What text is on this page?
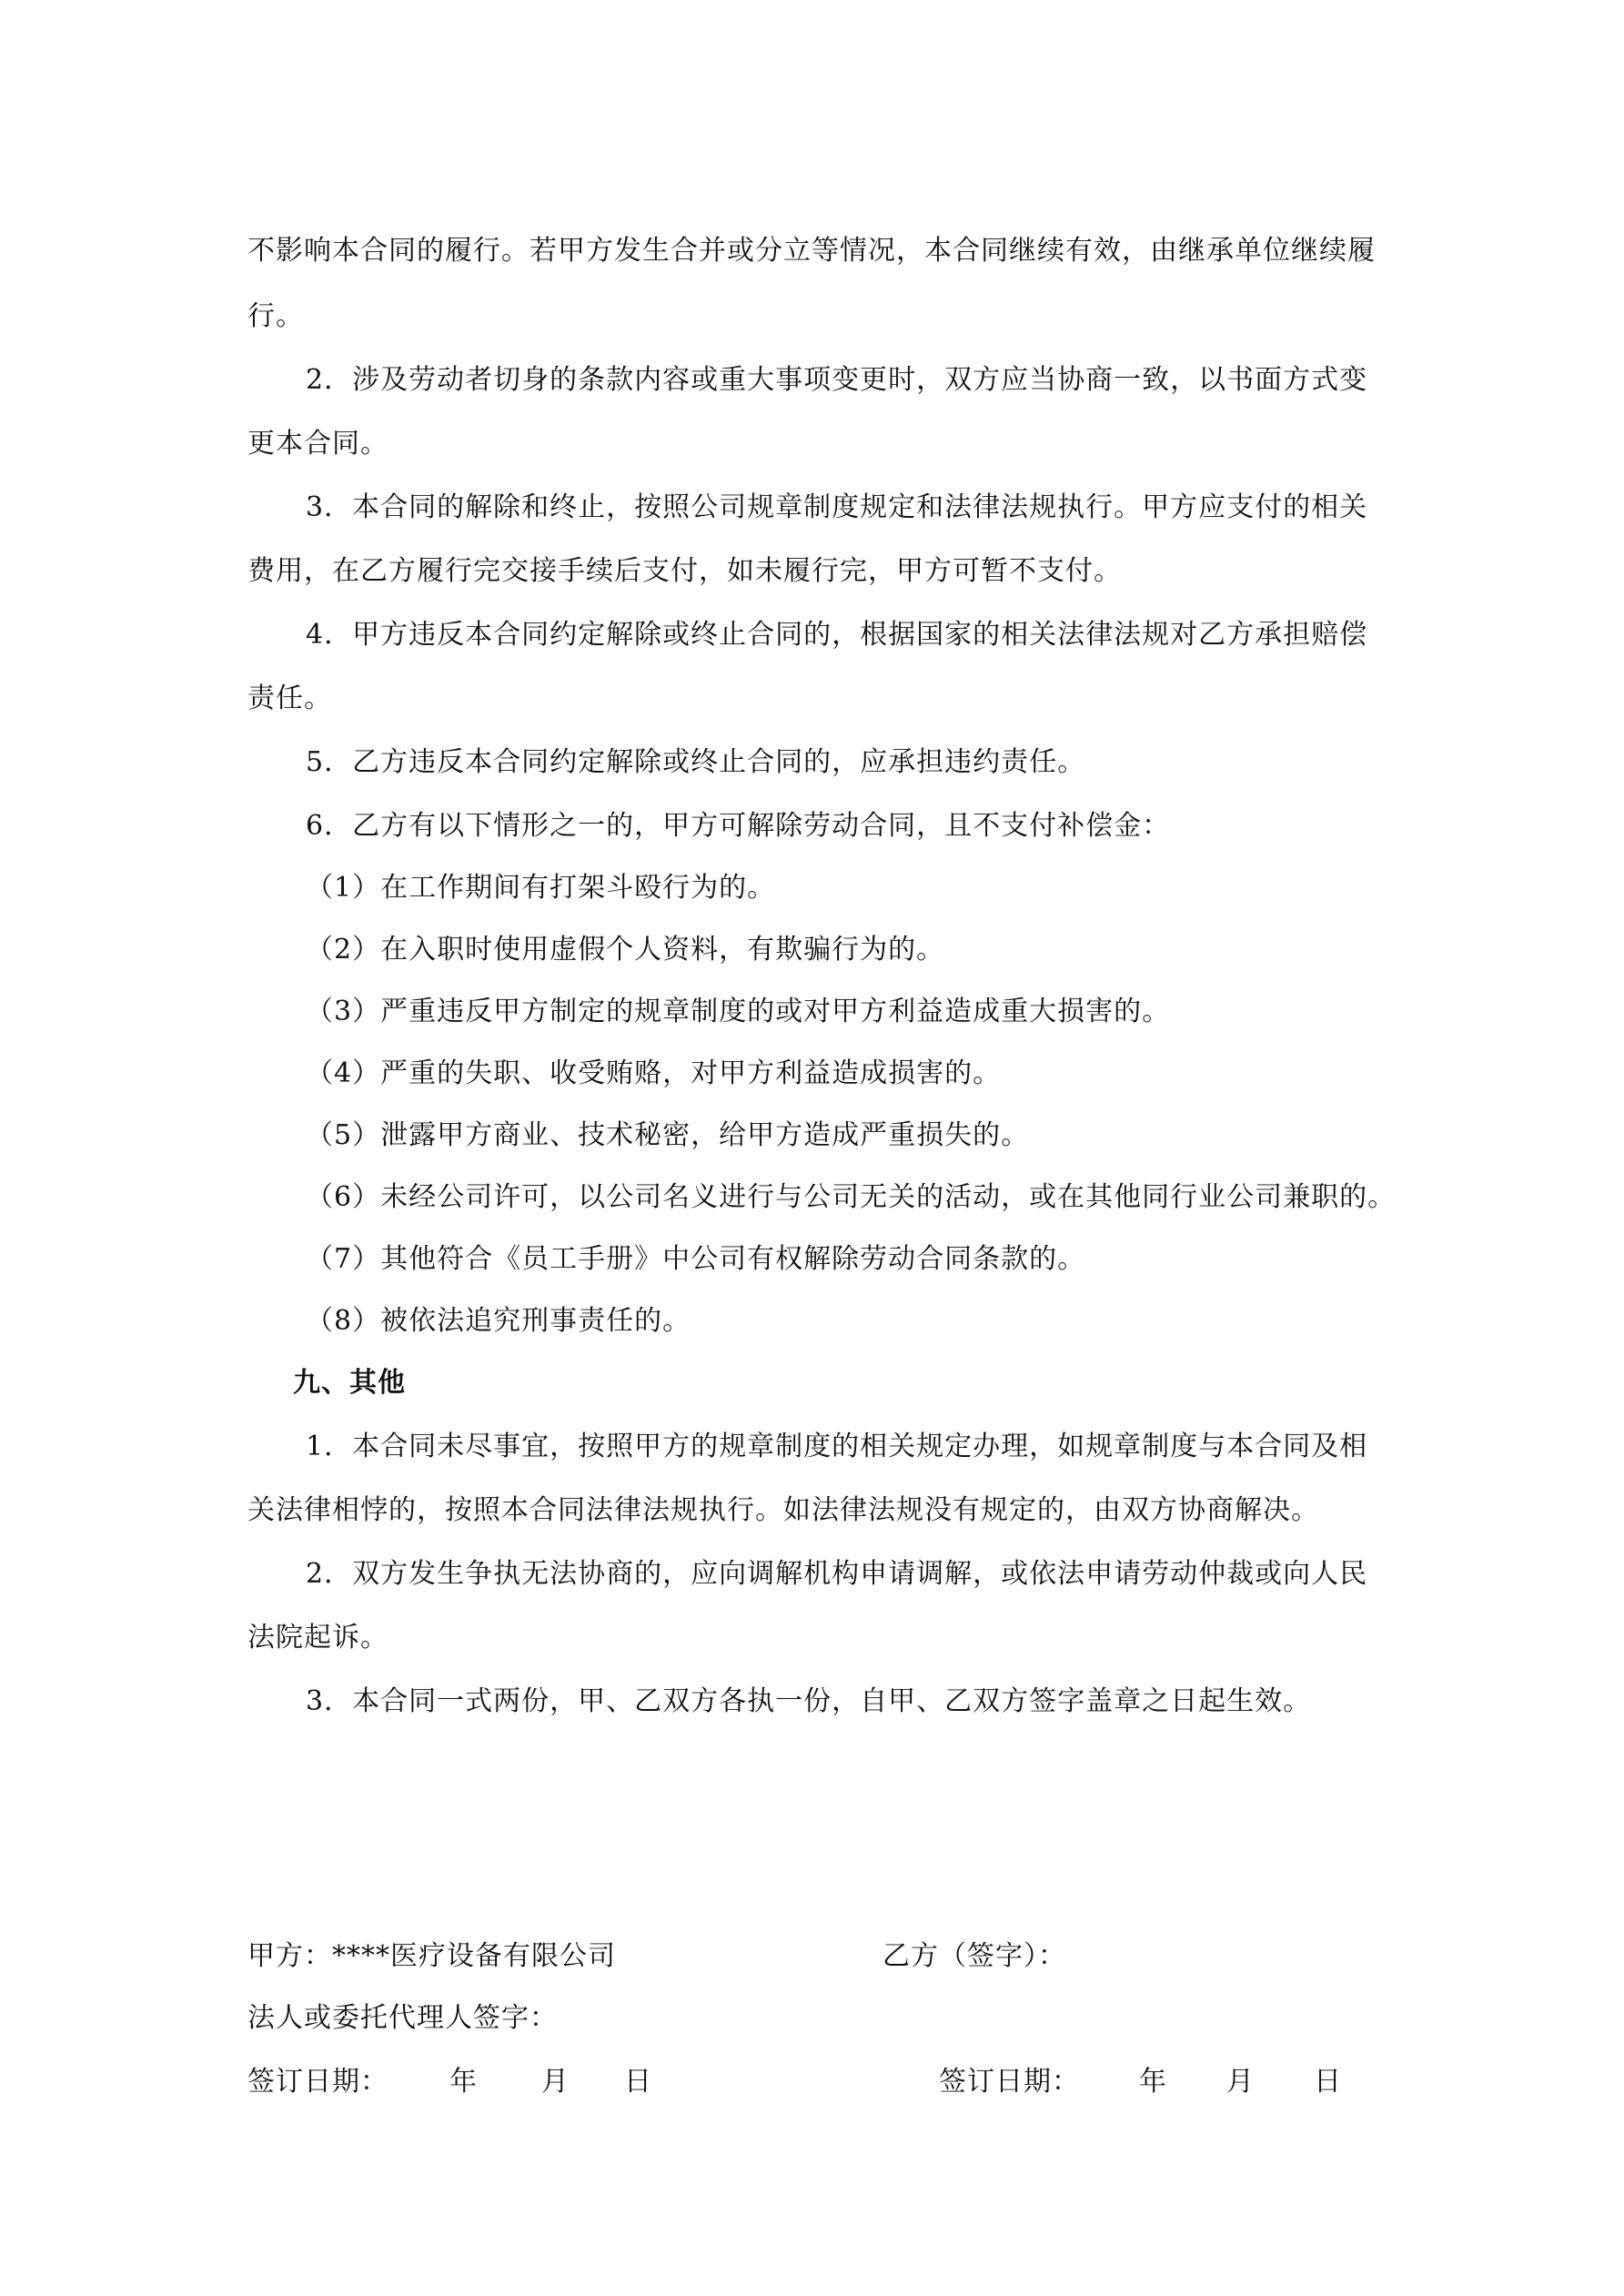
不影响本合同的履行。若甲方发生合并或分立等情况，本合同继续有效，由继承单位继续履
行。
2．涉及劳动者切身的条款内容或重大事项变更时，双方应当协商一致，以书面方式变
更本合同。
3．本合同的解除和终止，按照公司规章制度规定和法律法规执行。甲方应支付的相关
费用，在乙方履行完交接手续后支付，如未履行完，甲方可暂不支付。
4．甲方违反本合同约定解除或终止合同的，根据国家的相关法律法规对乙方承担赔偿
责任。
5．乙方违反本合同约定解除或终止合同的，应承担违约责任。
6．乙方有以下情形之一的，甲方可解除劳动合同，且不支付补偿金：
（1）在工作期间有打架斗殴行为的。
（2）在入职时使用虚假个人资料，有欺骗行为的。
（3）严重违反甲方制定的规章制度的或对甲方利益造成重大损害的。
（4）严重的失职、收受贿赂，对甲方利益造成损害的。
（5）泄露甲方商业、技术秘密，给甲方造成严重损失的。
（6）未经公司许可，以公司名义进行与公司无关的活动，或在其他同行业公司兼职的。
（7）其他符合《员工手册》中公司有权解除劳动合同条款的。
（8）被依法追究刑事责任的。
九、其他
1．本合同未尽事宜，按照甲方的规章制度的相关规定办理，如规章制度与本合同及相
关法律相悖的，按照本合同法律法规执行。如法律法规没有规定的，由双方协商解决。
2．双方发生争执无法协商的，应向调解机构申请调解，或依法申请劳动仲裁或向人民
法院起诉。
3．本合同一式两份，甲、乙双方各执一份，自甲、乙双方签字盖章之日起生效。
甲方：****医疗设备有限公司	乙方（签字）：
法人或委托代理人签字：
签订日期： 年 月 日	签订日期： 年 月 日
